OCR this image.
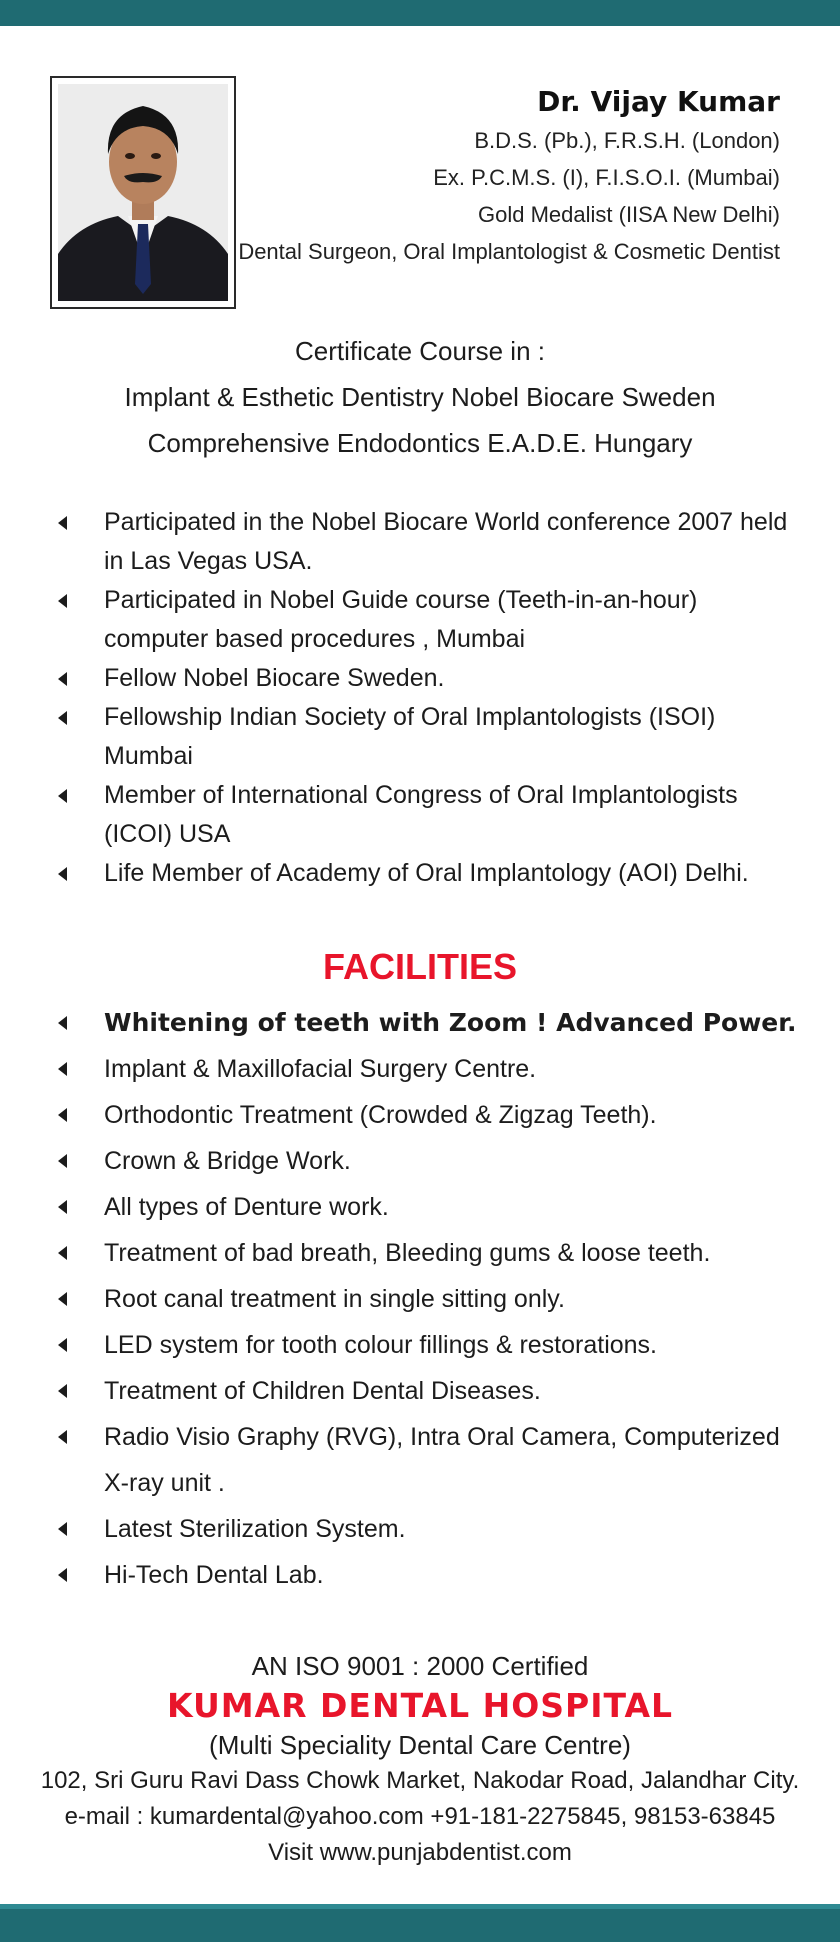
Dr. Vijay Kumar
B.D.S. (Pb.), F.R.S.H. (London)
Ex. P.C.M.S. (I), F.I.S.O.I. (Mumbai)
Gold Medalist (IISA New Delhi)
Dental Surgeon, Oral Implantologist & Cosmetic Dentist
Certificate Course in :
Implant & Esthetic Dentistry Nobel Biocare Sweden
Comprehensive Endodontics E.A.D.E. Hungary
Participated in the Nobel Biocare World conference 2007 held
in Las Vegas USA.
Participated in Nobel Guide course (Teeth-in-an-hour)
computer based procedures , Mumbai
Fellow Nobel Biocare Sweden.
Fellowship Indian Society of Oral Implantologists (ISOI)
Mumbai
Member of International Congress of Oral Implantologists
(ICOI) USA
Life Member of Academy of Oral Implantology (AOI) Delhi.
FACILITIES
Whitening of teeth with Zoom ! Advanced Power.
Implant & Maxillofacial Surgery Centre.
Orthodontic Treatment (Crowded & Zigzag Teeth).
Crown & Bridge Work.
All types of Denture work.
Treatment of bad breath, Bleeding gums & loose teeth.
Root canal treatment in single sitting only.
LED system for tooth colour fillings & restorations.
Treatment of Children Dental Diseases.
Radio Visio Graphy (RVG), Intra Oral Camera, Computerized
X-ray unit .
Latest Sterilization System.
Hi-Tech Dental Lab.
AN ISO 9001 : 2000 Certified
KUMAR DENTAL HOSPITAL
(Multi Speciality Dental Care Centre)
102, Sri Guru Ravi Dass Chowk Market, Nakodar Road, Jalandhar City.
e-mail : kumardental@yahoo.com +91-181-2275845, 98153-63845
Visit www.punjabdentist.com
